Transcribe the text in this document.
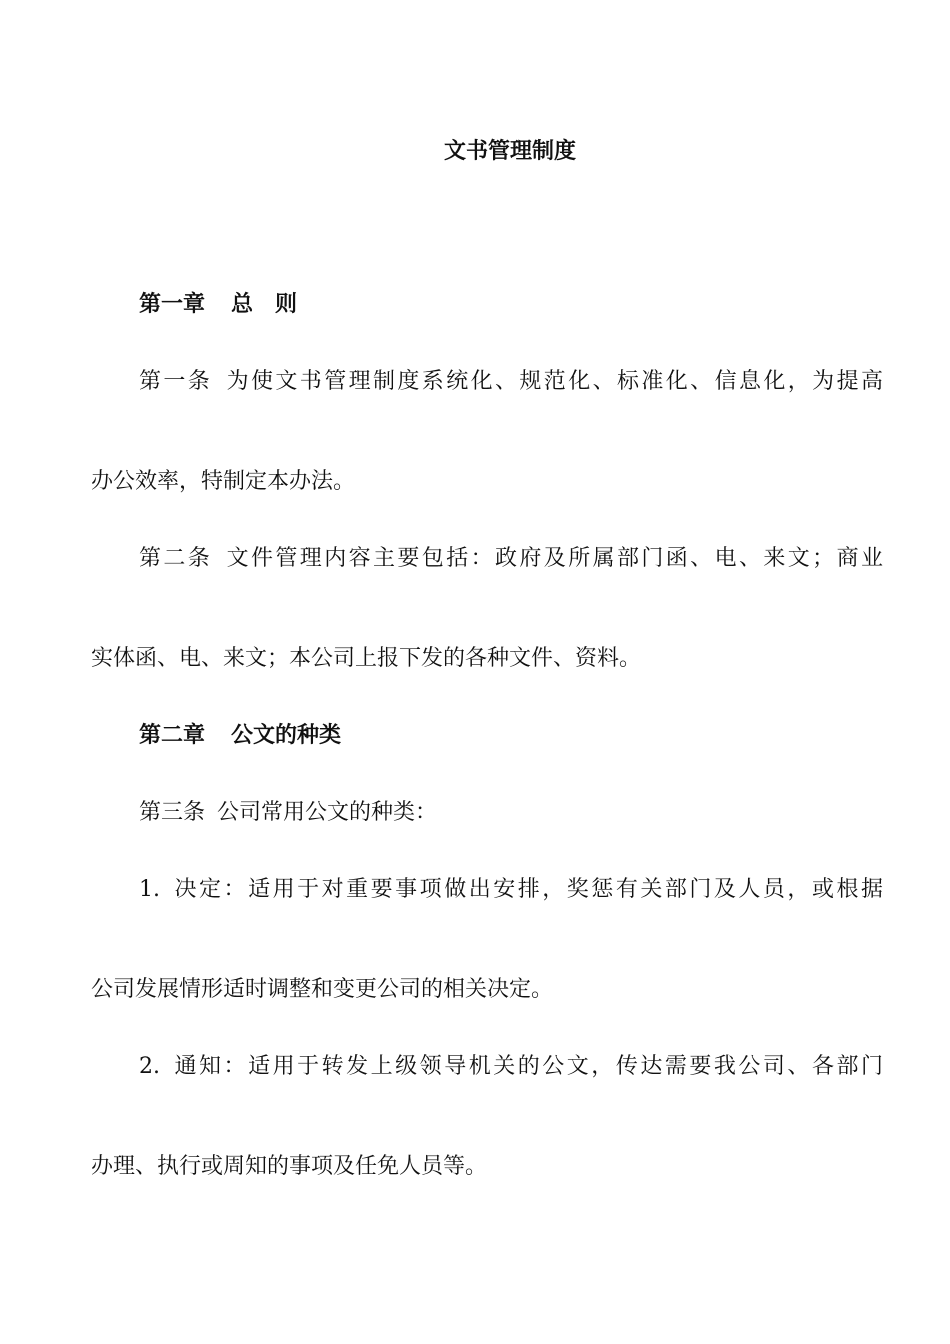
文书管理制度
第一章 总　则
第一条 为使文书管理制度系统化、规范化、标准化、信息化，为提高
办公效率，特制定本办法。
第二条 文件管理内容主要包括：政府及所属部门函、电、来文；商业
实体函、电、来文；本公司上报下发的各种文件、资料。
第二章 公文的种类
第三条 公司常用公文的种类：
1. 决定：适用于对重要事项做出安排，奖惩有关部门及人员，或根据
公司发展情形适时调整和变更公司的相关决定。
2. 通知：适用于转发上级领导机关的公文，传达需要我公司、各部门
办理、执行或周知的事项及任免人员等。
